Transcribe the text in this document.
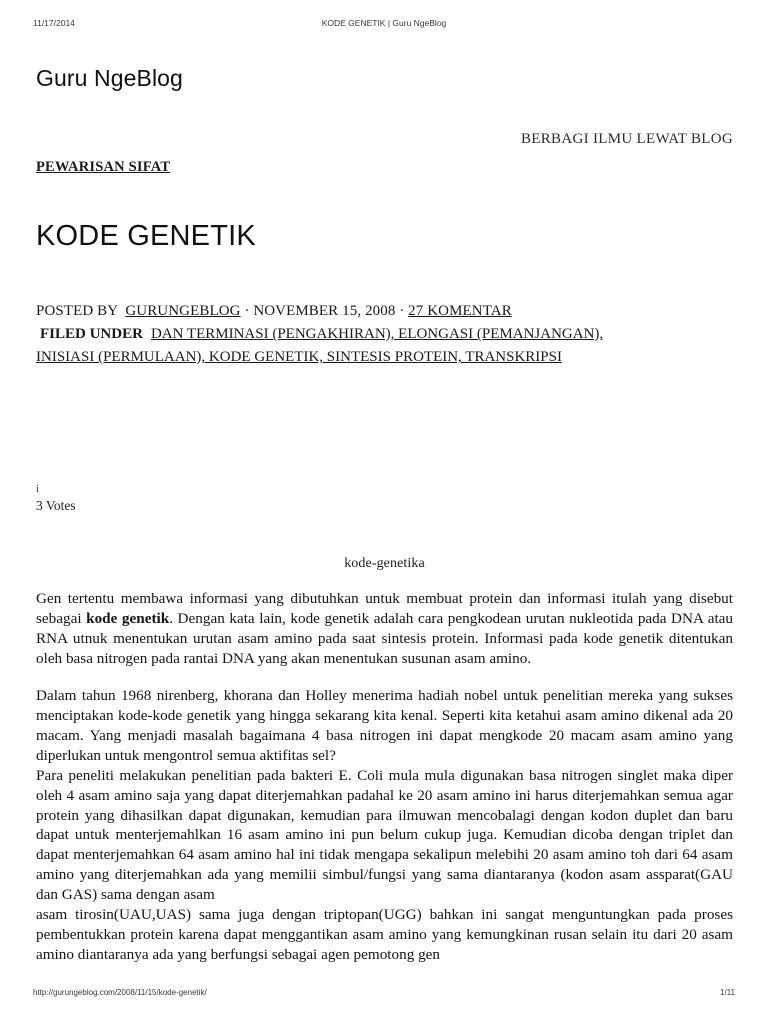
11/17/2014	KODE GENETIK | Guru NgeBlog
Guru NgeBlog
BERBAGI ILMU LEWAT BLOG
PEWARISAN SIFAT
KODE GENETIK
POSTED BY GURUNGEBLOG · NOVEMBER 15, 2008 · 27 KOMENTAR
FILED UNDER DAN TERMINASI (PENGAKHIRAN), ELONGASI (PEMANJANGAN),
INISIASI (PERMULAAN), KODE GENETIK, SINTESIS PROTEIN, TRANSKRIPSI
i
3 Votes
kode-genetika

Gen tertentu membawa informasi yang dibutuhkan untuk membuat protein dan informasi itulah yang disebut sebagai kode genetik. Dengan kata lain, kode genetik adalah cara pengkodean urutan nukleotida pada DNA atau RNA utnuk menentukan urutan asam amino pada saat sintesis protein. Informasi pada kode genetik ditentukan oleh basa nitrogen pada rantai DNA yang akan menentukan susunan asam amino.

Dalam tahun 1968 nirenberg, khorana dan Holley menerima hadiah nobel untuk penelitian mereka yang sukses menciptakan kode-kode genetik yang hingga sekarang kita kenal. Seperti kita ketahui asam amino dikenal ada 20 macam. Yang menjadi masalah bagaimana 4 basa nitrogen ini dapat mengkode 20 macam asam amino yang diperlukan untuk mengontrol semua aktifitas sel?

Para peneliti melakukan penelitian pada bakteri E. Coli mula mula digunakan basa nitrogen singlet maka diper oleh 4 asam amino saja yang dapat diterjemahkan padahal ke 20 asam amino ini harus diterjemahkan semua agar protein yang dihasilkan dapat digunakan, kemudian para ilmuwan mencobalagi dengan kodon duplet dan baru dapat untuk menterjemahlkan 16 asam amino ini pun belum cukup juga. Kemudian dicoba dengan triplet dan dapat menterjemahkan 64 asam amino hal ini tidak mengapa sekalipun melebihi 20 asam amino toh dari 64 asam amino yang diterjemahkan ada yang memilii simbul/fungsi yang sama diantaranya (kodon asam assparat(GAU dan GAS) sama dengan asam

asam tirosin(UAU,UAS) sama juga dengan triptopan(UGG) bahkan ini sangat menguntungkan pada proses pembentukkan protein karena dapat menggantikan asam amino yang kemungkinan rusan selain itu dari 20 asam amino diantaranya ada yang berfungsi sebagai agen pemotong gen

http://gurungeblog.com/2008/11/15/kode-genetik/	1/11
